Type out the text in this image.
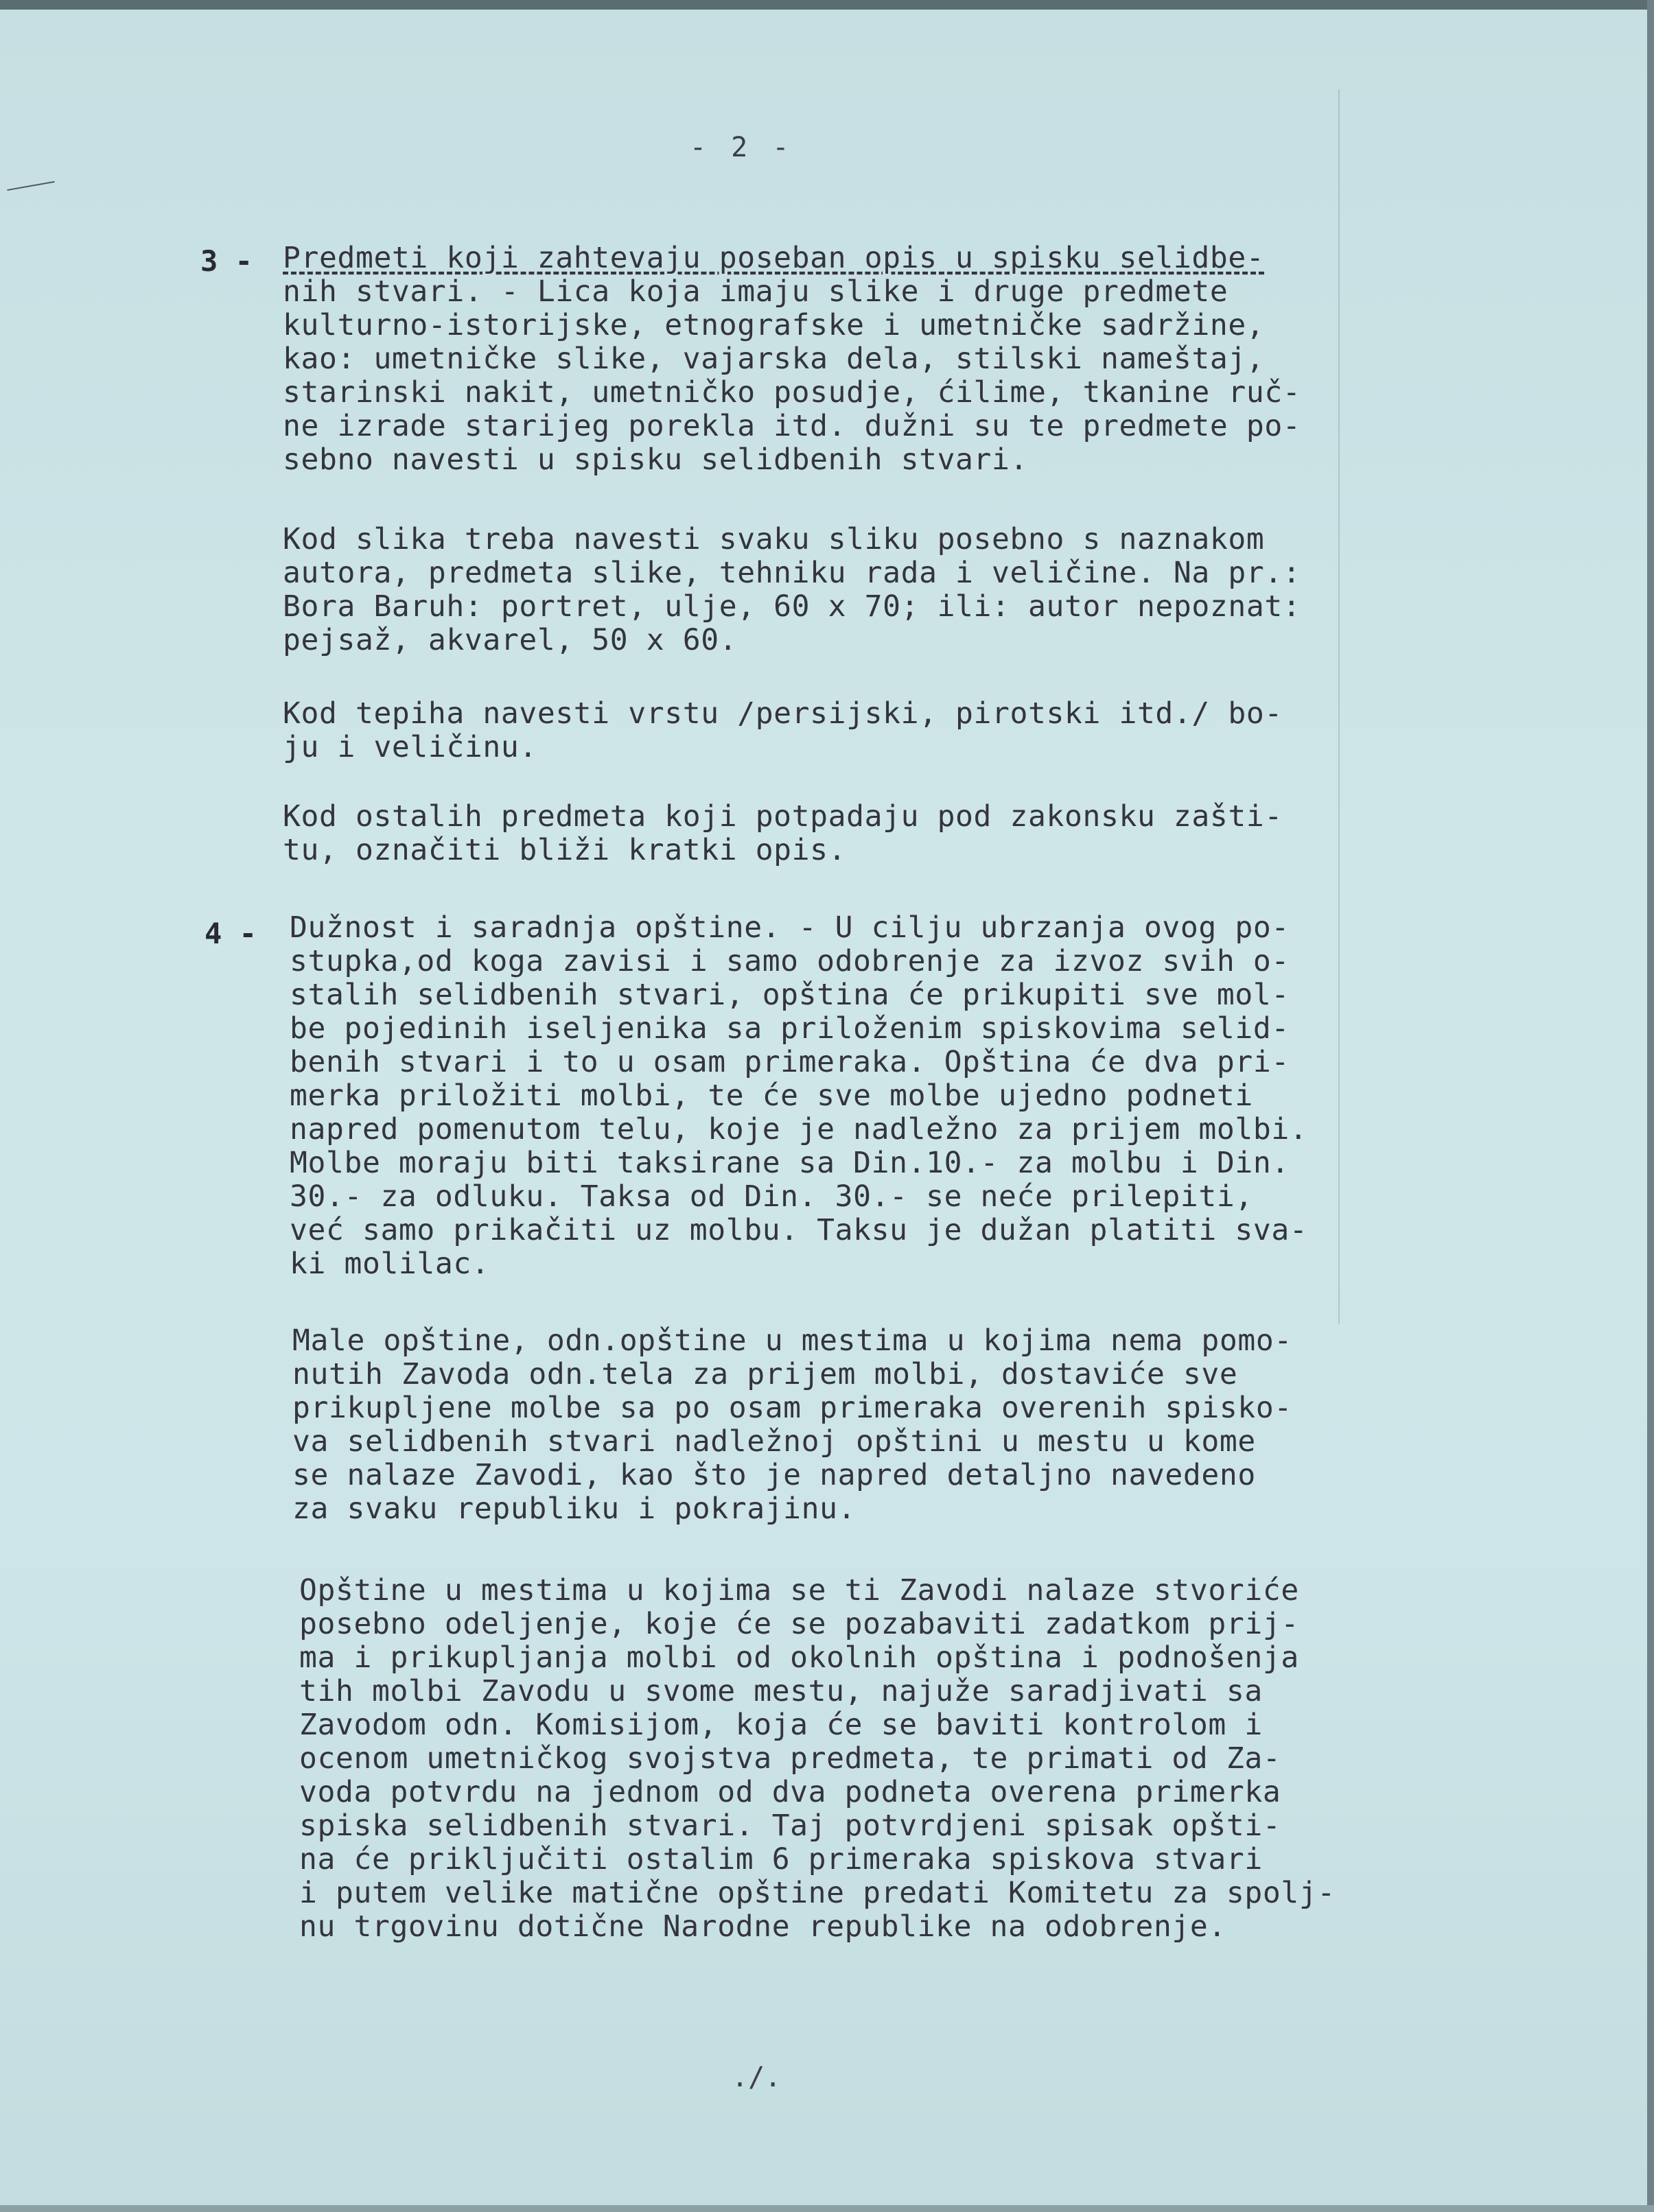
- 2 -
3 - Predmeti koji zahtevaju poseban opis u spisku selidbe-
nih stvari. - Lica koja imaju slike i druge predmete
kulturno-istorijske, etnografske i umetničke sadržine,
kao: umetničke slike, vajarska dela, stilski nameštaj,
starinski nakit, umetničko posudje, ćilime, tkanine ruč-
ne izrade starijeg porekla itd. dužni su te predmete po-
sebno navesti u spisku selidbenih stvari.
Kod slika treba navesti svaku sliku posebno s naznakom
autora, predmeta slike, tehniku rada i veličine. Na pr.:
Bora Baruh: portret, ulje, 60 x 70; ili: autor nepoznat:
pejsaž, akvarel, 50 x 60.
Kod tepiha navesti vrstu /persijski, pirotski itd./ bo-
ju i veličinu.
Kod ostalih predmeta koji potpadaju pod zakonsku zašti-
tu, označiti bliži kratki opis.
4 - Dužnost i saradnja opštine. - U cilju ubrzanja ovog po-
stupka,od koga zavisi i samo odobrenje za izvoz svih o-
stalih selidbenih stvari, opština će prikupiti sve mol-
be pojedinih iseljenika sa priloženim spiskovima selid-
benih stvari i to u osam primeraka. Opština će dva pri-
merka priložiti molbi, te će sve molbe ujedno podneti
napred pomenutom telu, koje je nadležno za prijem molbi.
Molbe moraju biti taksirane sa Din.10.- za molbu i Din.
30.- za odluku. Taksa od Din. 30.- se neće prilepiti,
već samo prikačiti uz molbu. Taksu je dužan platiti sva-
ki molilac.
Male opštine, odn.opštine u mestima u kojima nema pomo-
nutih Zavoda odn.tela za prijem molbi, dostaviće sve
prikupljene molbe sa po osam primeraka overenih spisko-
va selidbenih stvari nadležnoj opštini u mestu u kome
se nalaze Zavodi, kao što je napred detaljno navedeno
za svaku republiku i pokrajinu.
Opštine u mestima u kojima se ti Zavodi nalaze stvoriće
posebno odeljenje, koje će se pozabaviti zadatkom prij-
ma i prikupljanja molbi od okolnih opština i podnošenja
tih molbi Zavodu u svome mestu, najuže saradjivati sa
Zavodom odn. Komisijom, koja će se baviti kontrolom i
ocenom umetničkog svojstva predmeta, te primati od Za-
voda potvrdu na jednom od dva podneta overena primerka
spiska selidbenih stvari. Taj potvrdjeni spisak opšti-
na će priključiti ostalim 6 primeraka spiskova stvari
i putem velike matične opštine predati Komitetu za spolj-
nu trgovinu dotične Narodne republike na odobrenje.
./.
